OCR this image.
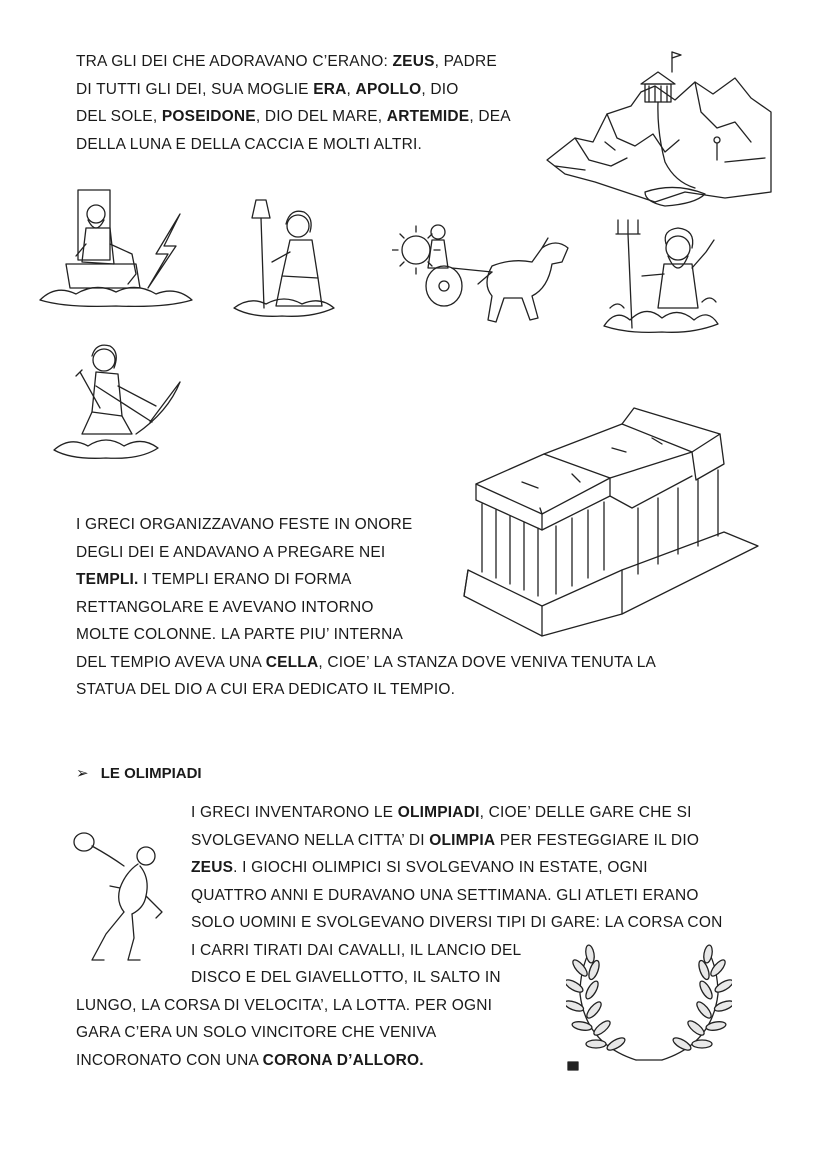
TRA GLI DEI CHE ADORAVANO C’ERANO: ZEUS, PADRE
DI TUTTI GLI DEI, SUA MOGLIE ERA, APOLLO, DIO
DEL SOLE, POSEIDONE, DIO DEL MARE, ARTEMIDE, DEA
DELLA LUNA E DELLA CACCIA E MOLTI ALTRI.
I GRECI ORGANIZZAVANO FESTE IN ONORE
DEGLI DEI E ANDAVANO A PREGARE NEI
TEMPLI. I TEMPLI ERANO DI FORMA
RETTANGOLARE E AVEVANO INTORNO
MOLTE COLONNE. LA PARTE PIU’ INTERNA
DEL TEMPIO AVEVA UNA CELLA, CIOE’ LA STANZA DOVE VENIVA TENUTA LA
STATUA DEL DIO A CUI ERA DEDICATO IL TEMPIO.
➢ LE OLIMPIADI
I GRECI INVENTARONO LE OLIMPIADI, CIOE’ DELLE GARE CHE SI
SVOLGEVANO NELLA CITTA’ DI OLIMPIA PER FESTEGGIARE IL DIO
ZEUS. I GIOCHI OLIMPICI SI SVOLGEVANO IN ESTATE, OGNI
QUATTRO ANNI E DURAVANO UNA SETTIMANA. GLI ATLETI ERANO
SOLO UOMINI E SVOLGEVANO DIVERSI TIPI DI GARE: LA CORSA CON
I CARRI TIRATI DAI CAVALLI, IL LANCIO DEL
DISCO E DEL GIAVELLOTTO, IL SALTO IN
LUNGO, LA CORSA DI VELOCITA’, LA LOTTA. PER OGNI
GARA C’ERA UN SOLO VINCITORE CHE VENIVA
INCORONATO CON UNA CORONA D’ALLORO.
